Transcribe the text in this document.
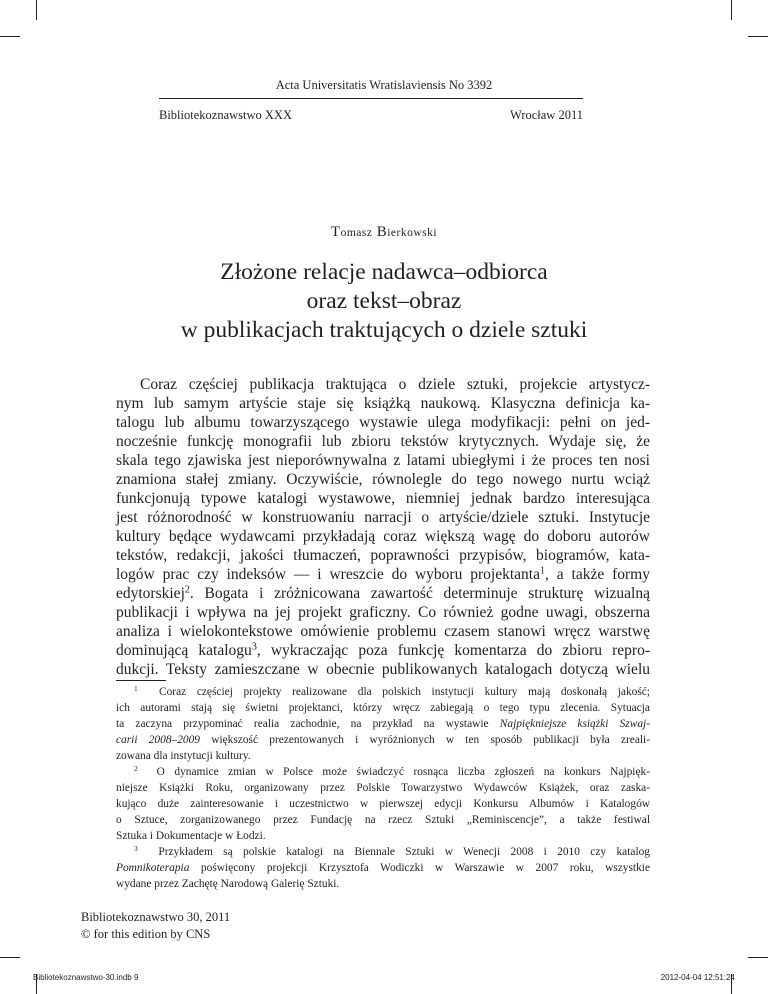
Acta Universitatis Wratislaviensis No 3392
Bibliotekoznawstwo XXX	Wrocław 2011
Tomasz Bierkowski
Złożone relacje nadawca–odbiorca
oraz tekst–obraz
w publikacjach traktujących o dziele sztuki
Coraz częściej publikacja traktująca o dziele sztuki, projekcie artystycz-
nym lub samym artyście staje się książką naukową. Klasyczna definicja ka-
talogu lub albumu towarzyszącego wystawie ulega modyfikacji: pełni on jed-
nocześnie funkcję monografii lub zbioru tekstów krytycznych. Wydaje się, że
skala tego zjawiska jest nieporównywalna z latami ubiegłymi i że proces ten nosi
znamiona stałej zmiany. Oczywiście, równolegle do tego nowego nurtu wciąż
funkcjonują typowe katalogi wystawowe, niemniej jednak bardzo interesująca
jest różnorodność w konstruowaniu narracji o artyście/dziele sztuki. Instytucje
kultury będące wydawcami przykładają coraz większą wagę do doboru autorów
tekstów, redakcji, jakości tłumaczeń, poprawności przypisów, biogramów, kata-
logów prac czy indeksów — i wreszcie do wyboru projektanta$^1$, a także formy
edytorskiej$^2$. Bogata i zróżnicowana zawartość determinuje strukturę wizualną
publikacji i wpływa na jej projekt graficzny. Co również godne uwagi, obszerna
analiza i wielokontekstowe omówienie problemu czasem stanowi wręcz warstwę
dominującą katalogu$^3$, wykraczając poza funkcję komentarza do zbioru repro-
dukcji. Teksty zamieszczane w obecnie publikowanych katalogach dotyczą wielu
$^1$ Coraz częściej projekty realizowane dla polskich instytucji kultury mają doskonałą jakość;
ich autorami stają się świetni projektanci, którzy wręcz zabiegają o tego typu zlecenia. Sytuacja
ta zaczyna przypominać realia zachodnie, na przykład na wystawie Najpiękniejsze książki Szwaj-
carii 2008–2009 większość prezentowanych i wyróżnionych w ten sposób publikacji była zreali-
zowana dla instytucji kultury.
$^2$ O dynamice zmian w Polsce może świadczyć rosnąca liczba zgłoszeń na konkurs Najpięk-
niejsze Książki Roku, organizowany przez Polskie Towarzystwo Wydawców Książek, oraz zaska-
kująco duże zainteresowanie i uczestnictwo w pierwszej edycji Konkursu Albumów i Katalogów
o Sztuce, zorganizowanego przez Fundację na rzecz Sztuki „Reminiscencje”, a także festiwal
Sztuka i Dokumentacje w Łodzi.
$^3$ Przykładem są polskie katalogi na Biennale Sztuki w Wenecji 2008 i 2010 czy katalog
Pomnikoterapia poświęcony projekcji Krzysztofa Wodiczki w Warszawie w 2007 roku, wszystkie
wydane przez Zachętę Narodową Galerię Sztuki.
Bibliotekoznawstwo 30, 2011
© for this edition by CNS
Bibliotekoznawstwo-30.indb 9	2012-04-04 12:51:24
